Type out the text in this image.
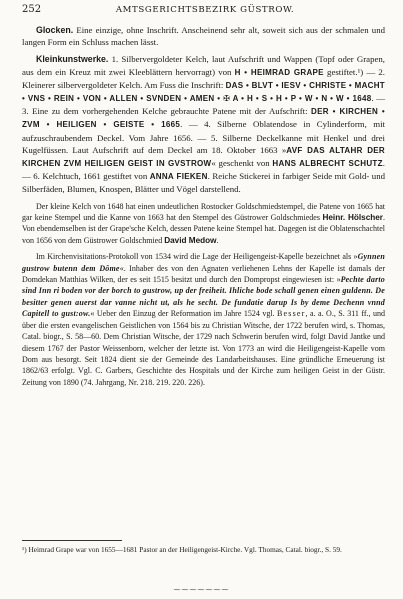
252	AMTSGERICHTSBEZIRK GÜSTROW.

Glocken. Eine einzige, ohne Inschrift. Anscheinend sehr alt, soweit sich aus der schmalen und langen Form ein Schluss machen lässt.

Kleinkunstwerke. 1. Silbervergoldeter Kelch, laut Aufschrift und Wappen (Topf oder Grapen, aus dem ein Kreuz mit zwei Kleeblättern hervorragt) von H • HEIMRAD GRAPE gestiftet.¹) — 2. Kleinerer silbervergoldeter Kelch. Am Fuss die Inschrift: DAS • BLVT • IESV • CHRISTE • MACHT • VNS • REIN • VON • ALLEN • SVNDEN • AMEN • ✠ A • H • S • H • P • W • N • W • 1648. — 3. Eine zu dem vorhergehenden Kelche gebrauchte Patene mit der Aufschrift: DER • KIRCHEN • ZVM • HEILIGEN • GEISTE • 1665. — 4. Silberne Oblatendose in Cylinderform, mit aufzuschraubendem Deckel. Vom Jahre 1656. — 5. Silberne Deckelkanne mit Henkel und drei Kugelfüssen. Laut Aufschrift auf dem Deckel am 18. Oktober 1663 »AVF DAS ALTAHR DER KIRCHEN ZVM HEILIGEN GEIST IN GVSTROW« geschenkt von HANS ALBRECHT SCHUTZ. — 6. Kelchtuch, 1661 gestiftet von ANNA FIEKEN. Reiche Stickerei in farbiger Seide mit Gold- und Silberfäden, Blumen, Knospen, Blätter und Vögel darstellend.

Der kleine Kelch von 1648 hat einen undeutlichen Rostocker Goldschmiedstempel, die Patene von 1665 hat gar keine Stempel und die Kanne von 1663 hat den Stempel des Güstrower Goldschmiedes Heinr. Hölscher. Von ebendemselben ist der Grape'sche Kelch, dessen Patene keine Stempel hat. Dagegen ist die Oblatenschachtel von 1656 von dem Güstrower Goldschmied David Medow.

Im Kirchenvisitations-Protokoll von 1534 wird die Lage der Heiligengeist-Kapelle bezeichnet als »Gynnen gustrow butenn dem Dôme«. Inhaber des von den Agnaten verliehenen Lehns der Kapelle ist damals der Domdekan Matthias Wilken, der es seit 1515 besitzt und durch den Dompropst eingewiesen ist: »Pechte darto sind Inn ri boden vor der borch to gustrow, up der freiheit. Ihliche bode schall genen einen guldenn. De besitter genen auerst dar vanne nicht ut, als he secht. De fundatie darup Is by deme Dechenn vnnd Capitell to gust:ow.« Ueber den Einzug der Reformation im Jahre 1524 vgl. Besser, a. a. O., S. 311 ff., und über die ersten evangelischen Geistlichen von 1564 bis zu Christian Witsche, der 1722 berufen wird, s. Thomas, Catal. biogr., S. 58—60. Dem Christian Witsche, der 1729 nach Schwerin berufen wird, folgt David Jantke und diesem 1767 der Pastor Weissenborn, welcher der letzte ist. Von 1773 an wird die Heiligengeist-Kapelle vom Dom aus besorgt. Seit 1824 dient sie der Gemeinde des Landarbeitshauses. Eine gründliche Erneuerung ist 1862/63 erfolgt. Vgl. C. Garbers, Geschichte des Hospitals und der Kirche zum heiligen Geist in der Güstr. Zeitung von 1890 (74. Jahrgang, Nr. 218. 219. 220. 226).

¹) Heimrad Grape war von 1655—1681 Pastor an der Heiligengeist-Kirche. Vgl. Thomas, Catal. biogr., S. 59.

⁓⁓⁓⁓⁓⁓⁓
